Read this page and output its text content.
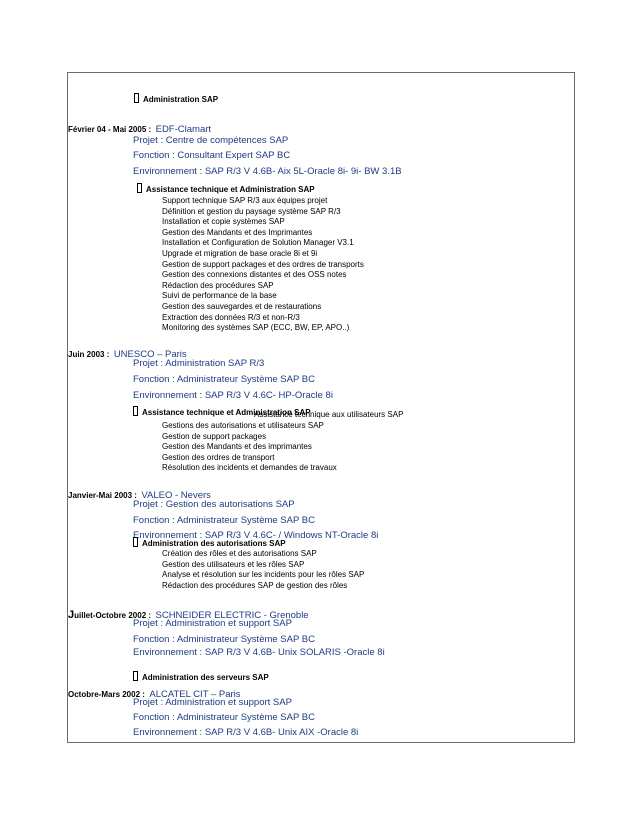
Administration SAP
Février 04 - Mai 2005 : EDF-Clamart
Projet : Centre de compétences SAP
Fonction : Consultant Expert SAP BC
Environnement : SAP R/3 V 4.6B- Aix 5L-Oracle 8i- 9i- BW 3.1B
Assistance technique et Administration SAP
Support technique SAP R/3 aux équipes projet
Définition et gestion du paysage système SAP R/3
Installation et copie systèmes SAP
Gestion des Mandants et des Imprimantes
Installation et Configuration de Solution Manager V3.1
Upgrade et migration de base oracle 8i et 9i
Gestion de support packages et des ordres de transports
Gestion des connexions distantes et des OSS notes
Rédaction des procédures SAP
Suivi de performance de la base
Gestion des sauvegardes et de restaurations
Extraction des données R/3 et non-R/3
Monitoring des systèmes SAP (ECC, BW, EP, APO..)
Juin 2003 : UNESCO – Paris
Projet : Administration SAP R/3
Fonction : Administrateur Système SAP BC
Environnement : SAP R/3 V 4.6C- HP-Oracle 8i
Assistance technique et Administration SAP
Assistance technique aux utilisateurs SAP
Gestions des autorisations et utilisateurs SAP
Gestion de support packages
Gestion des Mandants et des imprimantes
Gestion des ordres de transport
Résolution des incidents et demandes de travaux
Janvier-Mai 2003 : VALEO - Nevers
Projet : Gestion des autorisations SAP
Fonction : Administrateur Système SAP BC
Environnement : SAP R/3 V 4.6C- / Windows NT-Oracle 8i
Administration des autorisations SAP
Création des rôles et des autorisations SAP
Gestion des utilisateurs et les rôles SAP
Analyse et résolution sur les incidents pour les rôles SAP
Rédaction des procédures SAP de gestion des rôles
Juillet-Octobre 2002 : SCHNEIDER ELECTRIC - Grenoble
Projet : Administration et support SAP
Fonction : Administrateur Système SAP BC
Environnement : SAP R/3 V 4.6B- Unix SOLARIS -Oracle 8i
Administration des serveurs SAP
Octobre-Mars 2002 : ALCATEL CIT – Paris
Projet : Administration et support SAP
Fonction : Administrateur Système SAP BC
Environnement : SAP R/3 V 4.6B- Unix AIX -Oracle 8i
